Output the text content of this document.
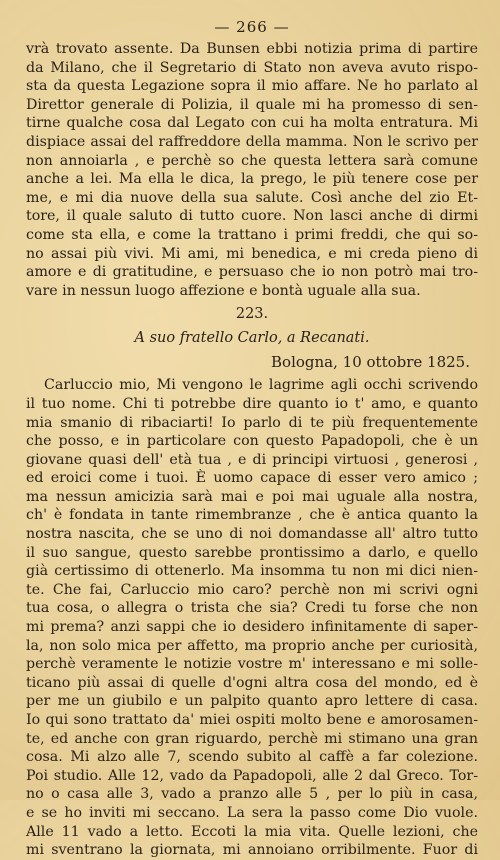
— 266 —
vrà trovato assente. Da Bunsen ebbi notizia prima di partire
da Milano, che il Segretario di Stato non aveva avuto rispo-
sta da questa Legazione sopra il mio affare. Ne ho parlato al
Direttor generale di Polizia, il quale mi ha promesso di sen-
tirne qualche cosa dal Legato con cui ha molta entratura. Mi
dispiace assai del raffreddore della mamma. Non le scrivo per
non annoiarla , e perchè so che questa lettera sarà comune
anche a lei. Ma ella le dica, la prego, le più tenere cose per
me, e mi dia nuove della sua salute. Così anche del zio Et-
tore, il quale saluto di tutto cuore. Non lasci anche di dirmi
come sta ella, e come la trattano i primi freddi, che qui so-
no assai più vivi. Mi ami, mi benedica, e mi creda pieno di
amore e di gratitudine, e persuaso che io non potrò mai tro-
vare in nessun luogo affezione e bontà uguale alla sua.
223.
A suo fratello Carlo, a Recanati.
Bologna, 10 ottobre 1825.
Carluccio mio, Mi vengono le lagrime agli occhi scrivendo
il tuo nome. Chi ti potrebbe dire quanto io t' amo, e quanto
mia smanio di ribaciarti! Io parlo di te più frequentemente
che posso, e in particolare con questo Papadopoli, che è un
giovane quasi dell' età tua , e di principi virtuosi , generosi ,
ed eroici come i tuoi. È uomo capace di esser vero amico ;
ma nessun amicizia sarà mai e poi mai uguale alla nostra,
ch' è fondata in tante rimembranze , che è antica quanto la
nostra nascita, che se uno di noi domandasse all' altro tutto
il suo sangue, questo sarebbe prontissimo a darlo, e quello
già certissimo di ottenerlo. Ma insomma tu non mi dici nien-
te. Che fai, Carluccio mio caro? perchè non mi scrivi ogni
tua cosa, o allegra o trista che sia? Credi tu forse che non
mi prema? anzi sappi che io desidero infinitamente di saper-
la, non solo mica per affetto, ma proprio anche per curiosità,
perchè veramente le notizie vostre m' interessano e mi solle-
ticano più assai di quelle d'ogni altra cosa del mondo, ed è
per me un giubilo e un palpito quanto apro lettere di casa.
Io qui sono trattato da' miei ospiti molto bene e amorosamen-
te, ed anche con gran riguardo, perchè mi stimano una gran
cosa. Mi alzo alle 7, scendo subito al caffè a far colezione.
Poi studio. Alle 12, vado da Papadopoli, alle 2 dal Greco. Tor-
no o casa alle 3, vado a pranzo alle 5 , per lo più in casa,
e se ho inviti mi seccano. La sera la passo come Dio vuole.
Alle 11 vado a letto. Eccoti la mia vita. Quelle lezioni, che
mi sventrano la giornata, mi annoiano orribilmente. Fuor di
